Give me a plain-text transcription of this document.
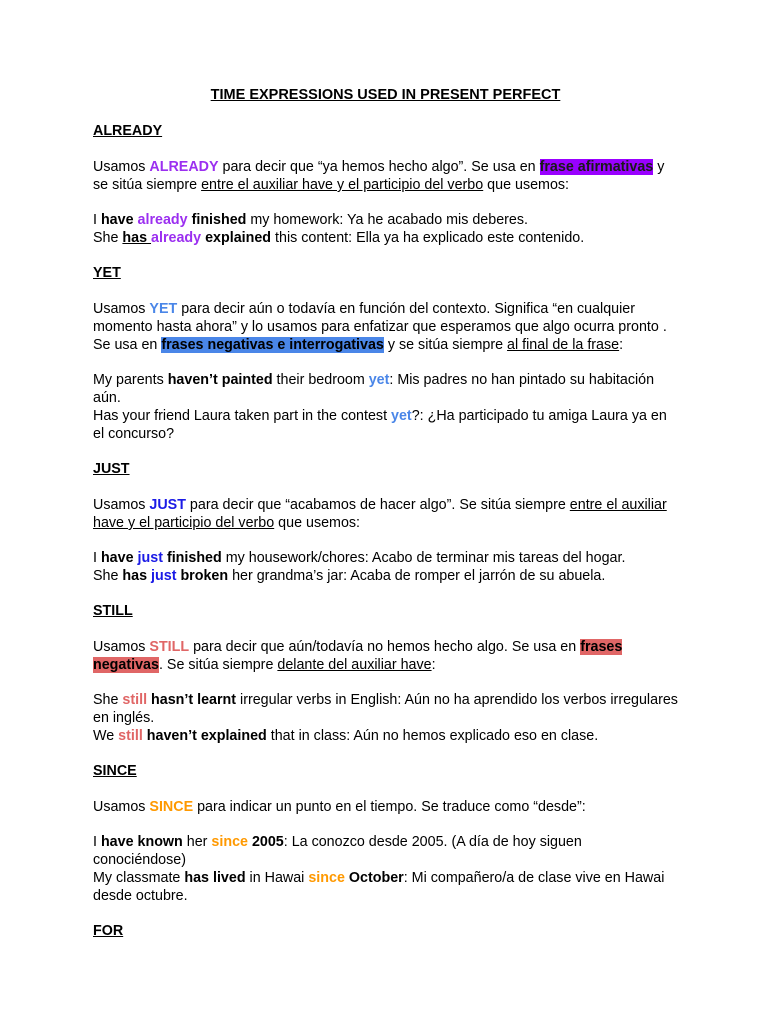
TIME EXPRESSIONS USED IN PRESENT PERFECT
ALREADY
Usamos ALREADY para decir que “ya hemos hecho algo”. Se usa en frase afirmativas y se sitúa siempre entre el auxiliar have y el participio del verbo que usemos:
I have already finished my homework: Ya he acabado mis deberes.
She has already explained this content: Ella ya ha explicado este contenido.
YET
Usamos YET para decir aún o todavía en función del contexto. Significa “en cualquier momento hasta ahora” y lo usamos para enfatizar que esperamos que algo ocurra pronto . Se usa en frases negativas e interrogativas y se sitúa siempre al final de la frase:
My parents haven’t painted their bedroom yet: Mis padres no han pintado su habitación aún.
Has your friend Laura taken part in the contest yet?: ¿Ha participado tu amiga Laura ya en el concurso?
JUST
Usamos JUST para decir que “acabamos de hacer algo”. Se sitúa siempre entre el auxiliar have y el participio del verbo que usemos:
I have just finished my housework/chores: Acabo de terminar mis tareas del hogar.
She has just broken her grandma’s jar: Acaba de romper el jarrón de su abuela.
STILL
Usamos STILL para decir que aún/todavía no hemos hecho algo. Se usa en frases negativas. Se sitúa siempre delante del auxiliar have:
She still hasn’t learnt irregular verbs in English: Aún no ha aprendido los verbos irregulares en inglés.
We still haven’t explained that in class: Aún no hemos explicado eso en clase.
SINCE
Usamos SINCE para indicar un punto en el tiempo. Se traduce como “desde”:
I have known her since 2005: La conozco desde 2005. (A día de hoy siguen conociéndose)
My classmate has lived in Hawai since October: Mi compañero/a de clase vive en Hawai desde octubre.
FOR
